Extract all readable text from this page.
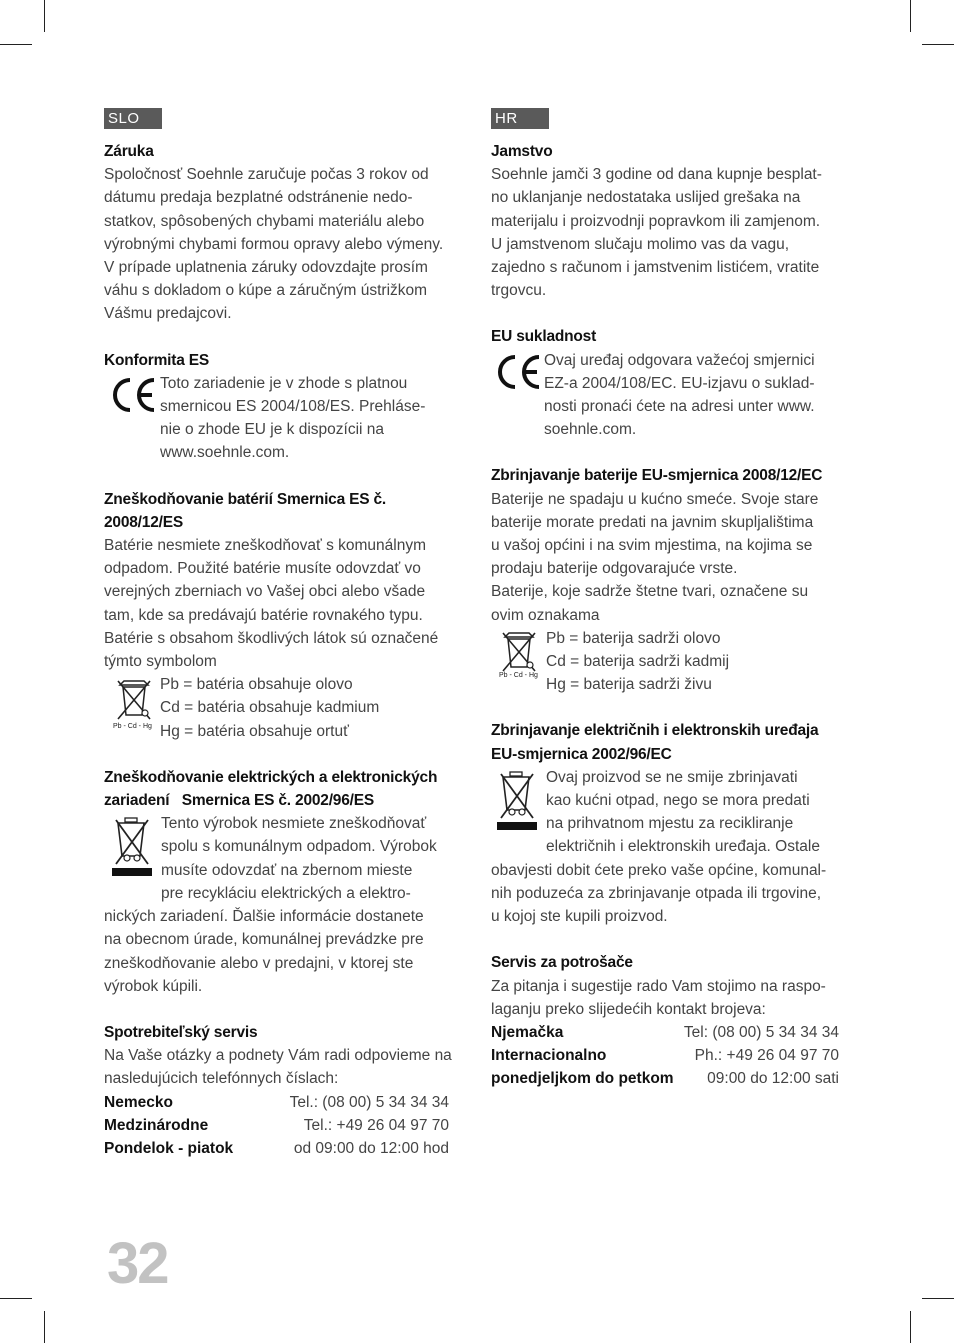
SLO
Záruka
Spoločnosť Soehnle zaručuje počas 3 rokov od
dátumu predaja bezplatné odstránenie nedo-
statkov, spôsobených chybami materiálu alebo
výrobnými chybami formou opravy alebo výmeny.
V prípade uplatnenia záruky odovzdajte prosím
váhu s dokladom o kúpe a záručným ústrižkom
Vášmu predajcovi.
Konformita ES
Toto zariadenie je v zhode s platnou
smernicou ES 2004/108/ES. Prehláse-
nie o zhode EU je k dispozícii na
www.soehnle.com.
Zneškodňovanie batérií Smernica ES č.
2008/12/ES
Batérie nesmiete zneškodňovať s komunálnym
odpadom. Použité batérie musíte odovzdať vo
verejných zberniach vo Vašej obci alebo všade
tam, kde sa predávajú batérie rovnakého typu.
Batérie s obsahom škodlivých látok sú označené
týmto symbolom
Pb - Cd - Hg
Pb = batéria obsahuje olovo
Cd = batéria obsahuje kadmium
Hg = batéria obsahuje ortuť
Zneškodňovanie elektrických a elektronických
zariadení   Smernica ES č. 2002/96/ES
Tento výrobok nesmiete zneškodňovať
spolu s komunálnym odpadom. Výrobok
musíte odovzdať na zbernom mieste
pre recykláciu elektrických a elektro-
nických zariadení. Ďalšie informácie dostanete
na obecnom úrade, komunálnej prevádzke pre
zneškodňovanie alebo v predajni, v ktorej ste
výrobok kúpili.
Spotrebiteľský servis
Na Vaše otázky a podnety Vám radi odpovieme na
nasledujúcich telefónnych číslach:
Nemecko	Tel.: (08 00) 5 34 34 34
Medzinárodne	Tel.: +49 26 04 97 70
Pondelok - piatok	od 09:00 do 12:00 hod
HR
Jamstvo
Soehnle jamči 3 godine od dana kupnje besplat-
no uklanjanje nedostataka uslijed grešaka na
materijalu i proizvodnji popravkom ili zamjenom.
U jamstvenom slučaju molimo vas da vagu,
zajedno s računom i jamstvenim listićem, vratite
trgovcu.
EU sukladnost
Ovaj uređaj odgovara važećoj smjernici
EZ-a 2004/108/EC. EU-izjavu o suklad-
nosti pronaći ćete na adresi unter www.
soehnle.com.
Zbrinjavanje baterije EU-smjernica 2008/12/EC
Baterije ne spadaju u kućno smeće. Svoje stare
baterije morate predati na javnim skupljalištima
u vašoj općini i na svim mjestima, na kojima se
prodaju baterije odgovarajuće vrste.
Baterije, koje sadrže štetne tvari, označene su
ovim oznakama
Pb - Cd - Hg
Pb = baterija sadrži olovo
Cd = baterija sadrži kadmij
Hg = baterija sadrži živu
Zbrinjavanje električnih i elektronskih uređaja
EU-smjernica 2002/96/EC
Ovaj proizvod se ne smije zbrinjavati
kao kućni otpad, nego se mora predati
na prihvatnom mjestu za recikliranje
električnih i elektronskih uređaja. Ostale
obavjesti dobit ćete preko vaše općine, komunal-
nih poduzeća za zbrinjavanje otpada ili trgovine,
u kojoj ste kupili proizvod.
Servis za potrošače
Za pitanja i sugestije rado Vam stojimo na raspo-
laganju preko slijedećih kontakt brojeva:
Njemačka	Tel: (08 00) 5 34 34 34
Internacionalno	Ph.: +49 26 04 97 70
ponedjeljkom do petkom 09:00 do 12:00 sati
32
